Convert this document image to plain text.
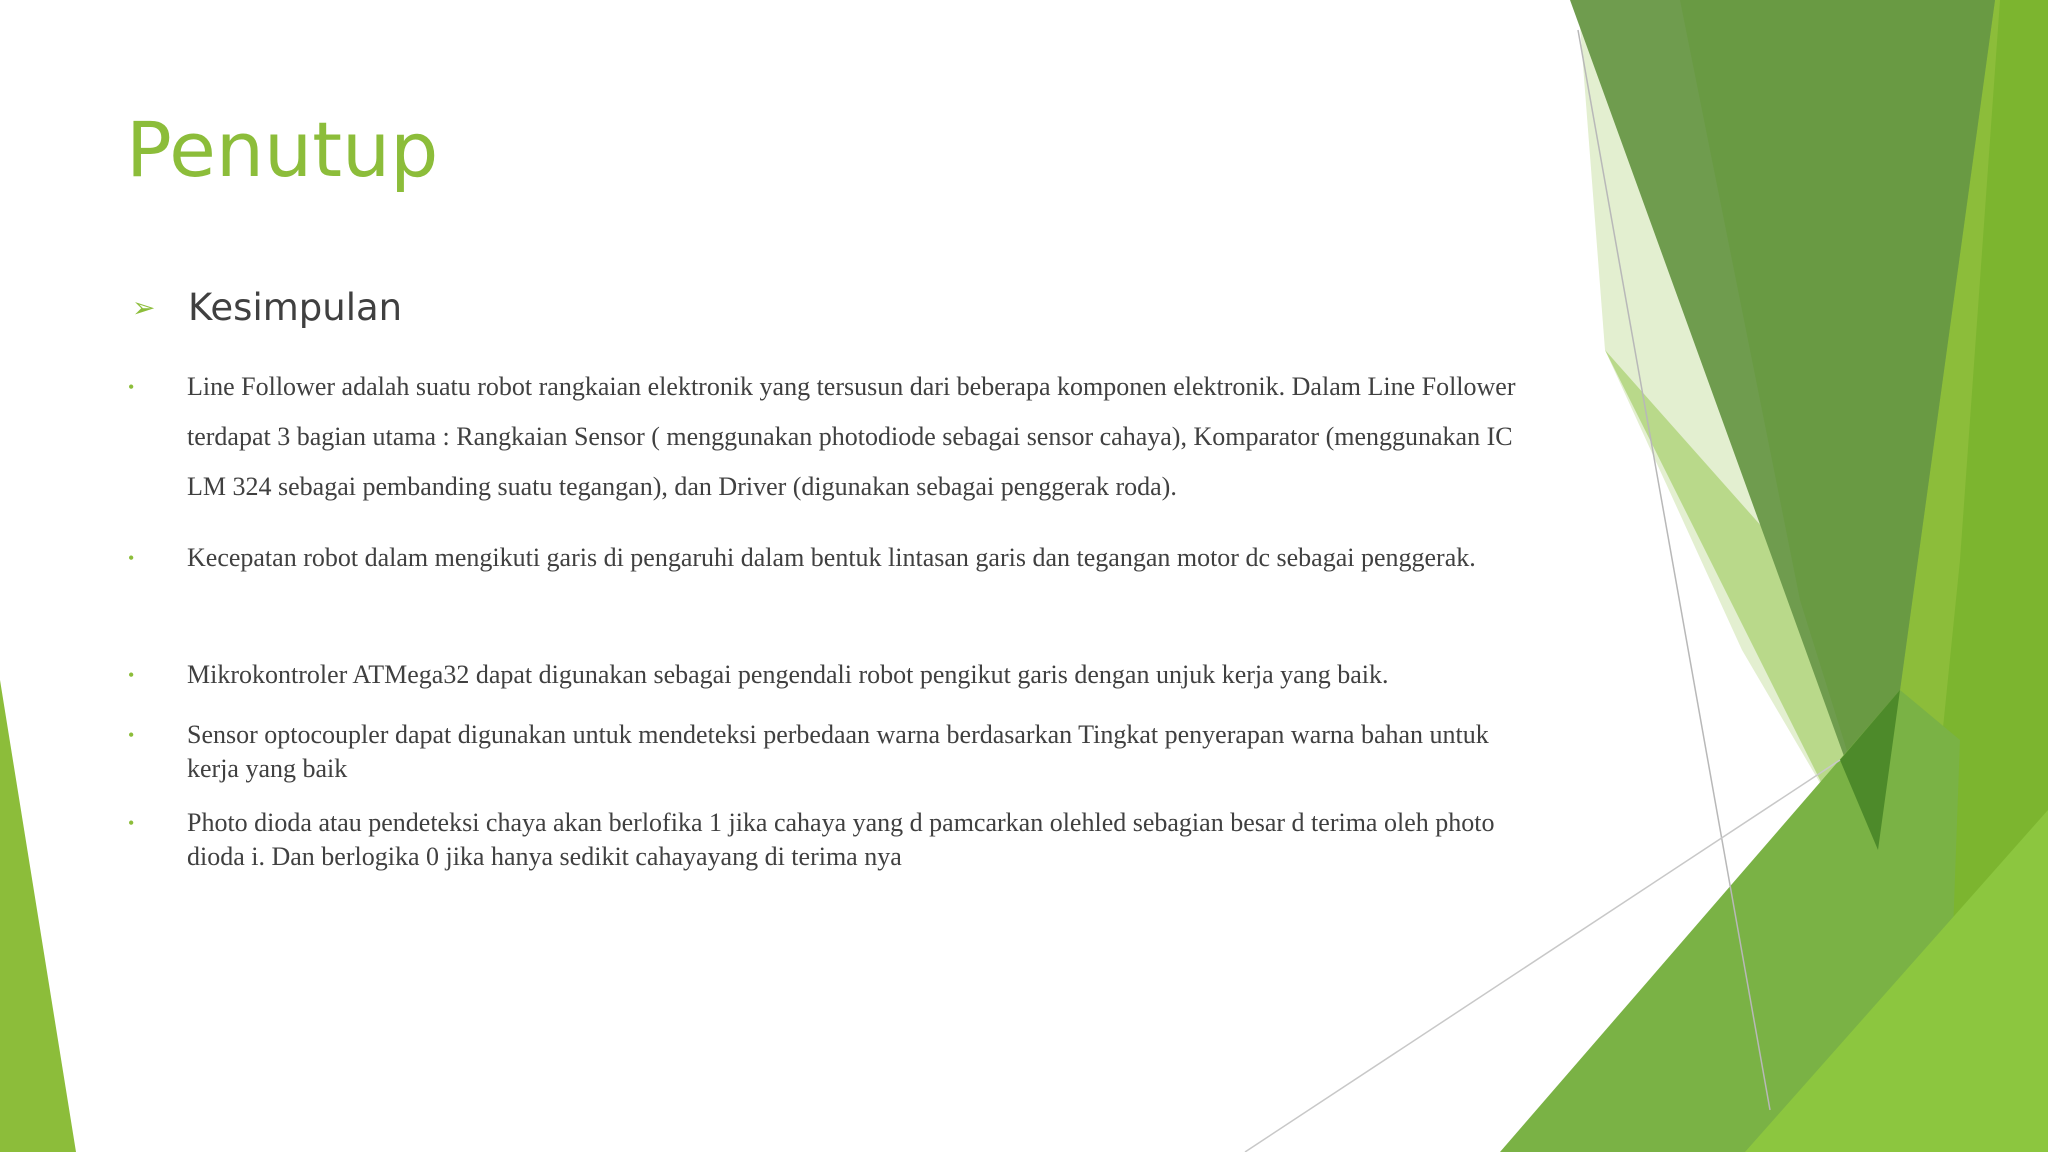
Penutup
➢ Kesimpulan
•	Line Follower adalah suatu robot rangkaian elektronik yang tersusun dari beberapa komponen elektronik. Dalam Line Follower terdapat 3 bagian utama : Rangkaian Sensor ( menggunakan photodiode sebagai sensor cahaya), Komparator (menggunakan IC LM 324 sebagai pembanding suatu tegangan), dan Driver (digunakan sebagai penggerak roda).
•	Kecepatan robot dalam mengikuti garis di pengaruhi dalam bentuk lintasan garis dan tegangan motor dc sebagai penggerak.
•	Mikrokontroler ATMega32 dapat digunakan sebagai pengendali robot pengikut garis dengan unjuk kerja yang baik.
•	Sensor optocoupler dapat digunakan untuk mendeteksi perbedaan warna berdasarkan Tingkat penyerapan warna bahan untuk kerja yang baik
•	Photo dioda atau pendeteksi chaya akan berlofika 1 jika cahaya yang d pamcarkan olehled sebagian besar d terima oleh photo dioda i. Dan berlogika 0 jika hanya sedikit cahayayang di terima nya
